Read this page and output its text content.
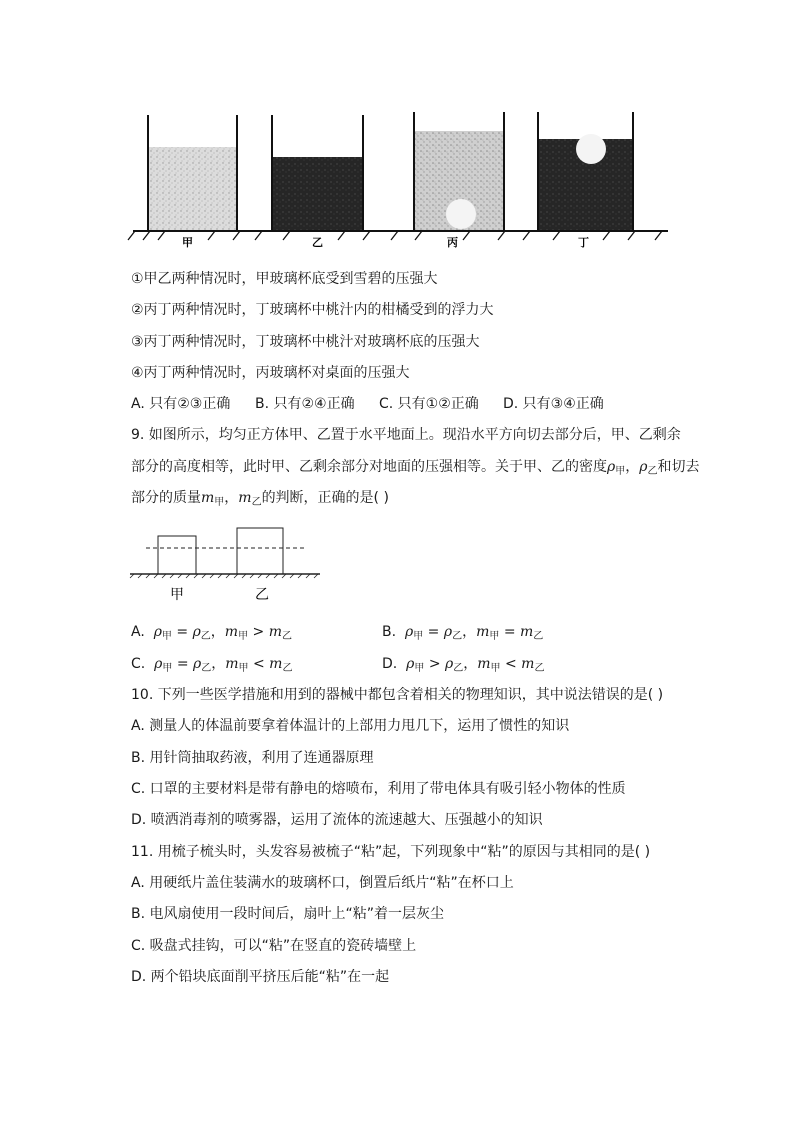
甲	乙	丙	丁
①甲乙两种情况时，甲玻璃杯底受到雪碧的压强大
②丙丁两种情况时，丁玻璃杯中桃汁内的柑橘受到的浮力大
③丙丁两种情况时，丁玻璃杯中桃汁对玻璃杯底的压强大
④丙丁两种情况时，丙玻璃杯对桌面的压强大
A. 只有②③正确 B. 只有②④正确 C. 只有①②正确 D. 只有③④正确
9. 如图所示，均匀正方体甲、乙置于水平地面上。现沿水平方向切去部分后，甲、乙剩余
部分的高度相等，此时甲、乙剩余部分对地面的压强相等。关于甲、乙的密度$\rho_甲$，$\rho_乙$和切去
部分的质量$m_甲$，$m_乙$的判断，正确的是( )
甲	乙
A. $\rho_甲 = \rho_乙$，$m_甲 > m_乙$	B. $\rho_甲 = \rho_乙$，$m_甲 = m_乙$
C. $\rho_甲 = \rho_乙$，$m_甲 < m_乙$	D. $\rho_甲 > \rho_乙$，$m_甲 < m_乙$
10. 下列一些医学措施和用到的器械中都包含着相关的物理知识，其中说法错误的是( )
A. 测量人的体温前要拿着体温计的上部用力甩几下，运用了惯性的知识
B. 用针筒抽取药液，利用了连通器原理
C. 口罩的主要材料是带有静电的熔喷布，利用了带电体具有吸引轻小物体的性质
D. 喷洒消毒剂的喷雾器，运用了流体的流速越大、压强越小的知识
11. 用梳子梳头时，头发容易被梳子“粘”起，下列现象中“粘”的原因与其相同的是( )
A. 用硬纸片盖住装满水的玻璃杯口，倒置后纸片“粘”在杯口上
B. 电风扇使用一段时间后，扇叶上“粘”着一层灰尘
C. 吸盘式挂钩，可以“粘”在竖直的瓷砖墙壁上
D. 两个铅块底面削平挤压后能“粘”在一起
